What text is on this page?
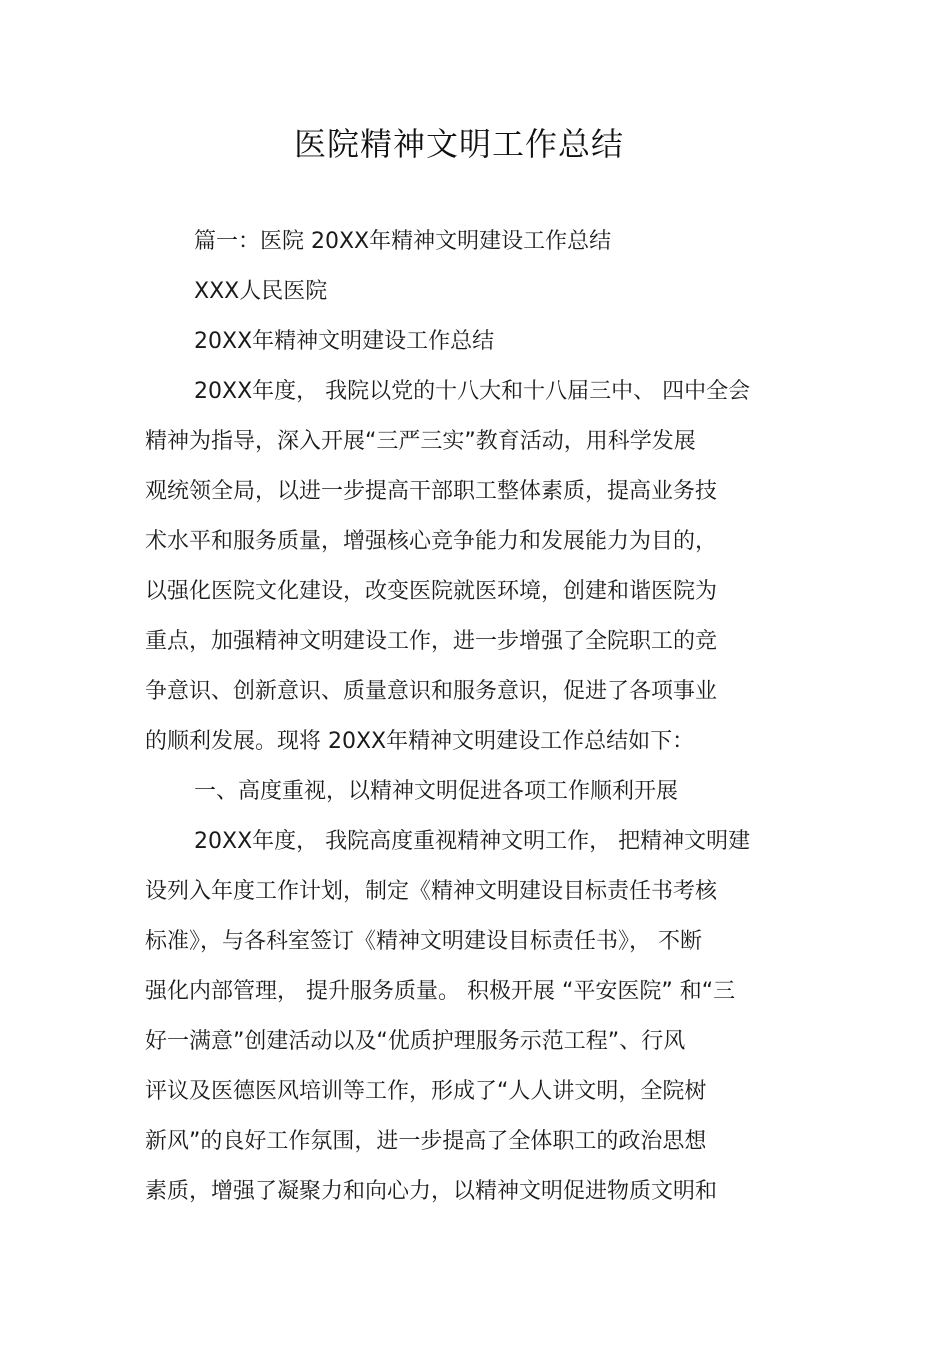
医院精神文明工作总结
篇一：医院 20XX年精神文明建设工作总结
XXX人民医院
20XX年精神文明建设工作总结
20XX年度， 我院以党的十八大和十八届三中、 四中全会
精神为指导，深入开展“三严三实”教育活动，用科学发展
观统领全局，以进一步提高干部职工整体素质，提高业务技
术水平和服务质量，增强核心竞争能力和发展能力为目的，
以强化医院文化建设，改变医院就医环境，创建和谐医院为
重点，加强精神文明建设工作，进一步增强了全院职工的竞
争意识、创新意识、质量意识和服务意识，促进了各项事业
的顺利发展。现将 20XX年精神文明建设工作总结如下：
一、高度重视，以精神文明促进各项工作顺利开展
20XX年度， 我院高度重视精神文明工作， 把精神文明建
设列入年度工作计划，制定《精神文明建设目标责任书考核
标准》，与各科室签订《精神文明建设目标责任书》， 不断
强化内部管理， 提升服务质量。 积极开展 “平安医院” 和“三
好一满意”创建活动以及“优质护理服务示范工程”、行风
评议及医德医风培训等工作，形成了“人人讲文明，全院树
新风”的良好工作氛围，进一步提高了全体职工的政治思想
素质，增强了凝聚力和向心力，以精神文明促进物质文明和
